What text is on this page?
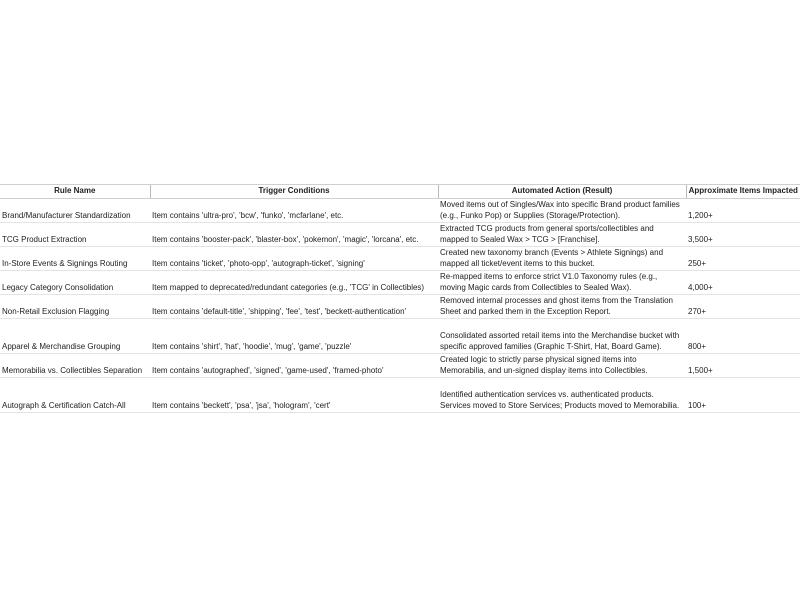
Rule Name	Trigger Conditions	Automated Action (Result)	Approximate Items Impacted
Brand/Manufacturer Standardization	Item contains 'ultra-pro', 'bcw', 'funko', 'mcfarlane', etc.	Moved items out of Singles/Wax into specific Brand product families (e.g., Funko Pop) or Supplies (Storage/Protection).	1,200+
TCG Product Extraction	Item contains 'booster-pack', 'blaster-box', 'pokemon', 'magic', 'lorcana', etc.	Extracted TCG products from general sports/collectibles and mapped to Sealed Wax > TCG > [Franchise].	3,500+
In-Store Events & Signings Routing	Item contains 'ticket', 'photo-opp', 'autograph-ticket', 'signing'	Created new taxonomy branch (Events > Athlete Signings) and mapped all ticket/event items to this bucket.	250+
Legacy Category Consolidation	Item mapped to deprecated/redundant categories (e.g., 'TCG' in Collectibles)	Re-mapped items to enforce strict V1.0 Taxonomy rules (e.g., moving Magic cards from Collectibles to Sealed Wax).	4,000+
Non-Retail Exclusion Flagging	Item contains 'default-title', 'shipping', 'fee', 'test', 'beckett-authentication'	Removed internal processes and ghost items from the Translation Sheet and parked them in the Exception Report.	270+
Apparel & Merchandise Grouping	Item contains 'shirt', 'hat', 'hoodie', 'mug', 'game', 'puzzle'	Consolidated assorted retail items into the Merchandise bucket with specific approved families (Graphic T-Shirt, Hat, Board Game).	800+
Memorabilia vs. Collectibles Separation	Item contains 'autographed', 'signed', 'game-used', 'framed-photo'	Created logic to strictly parse physical signed items into Memorabilia, and un-signed display items into Collectibles.	1,500+
Autograph & Certification Catch-All	Item contains 'beckett', 'psa', 'jsa', 'hologram', 'cert'	Identified authentication services vs. authenticated products. Services moved to Store Services; Products moved to Memorabilia.	100+
